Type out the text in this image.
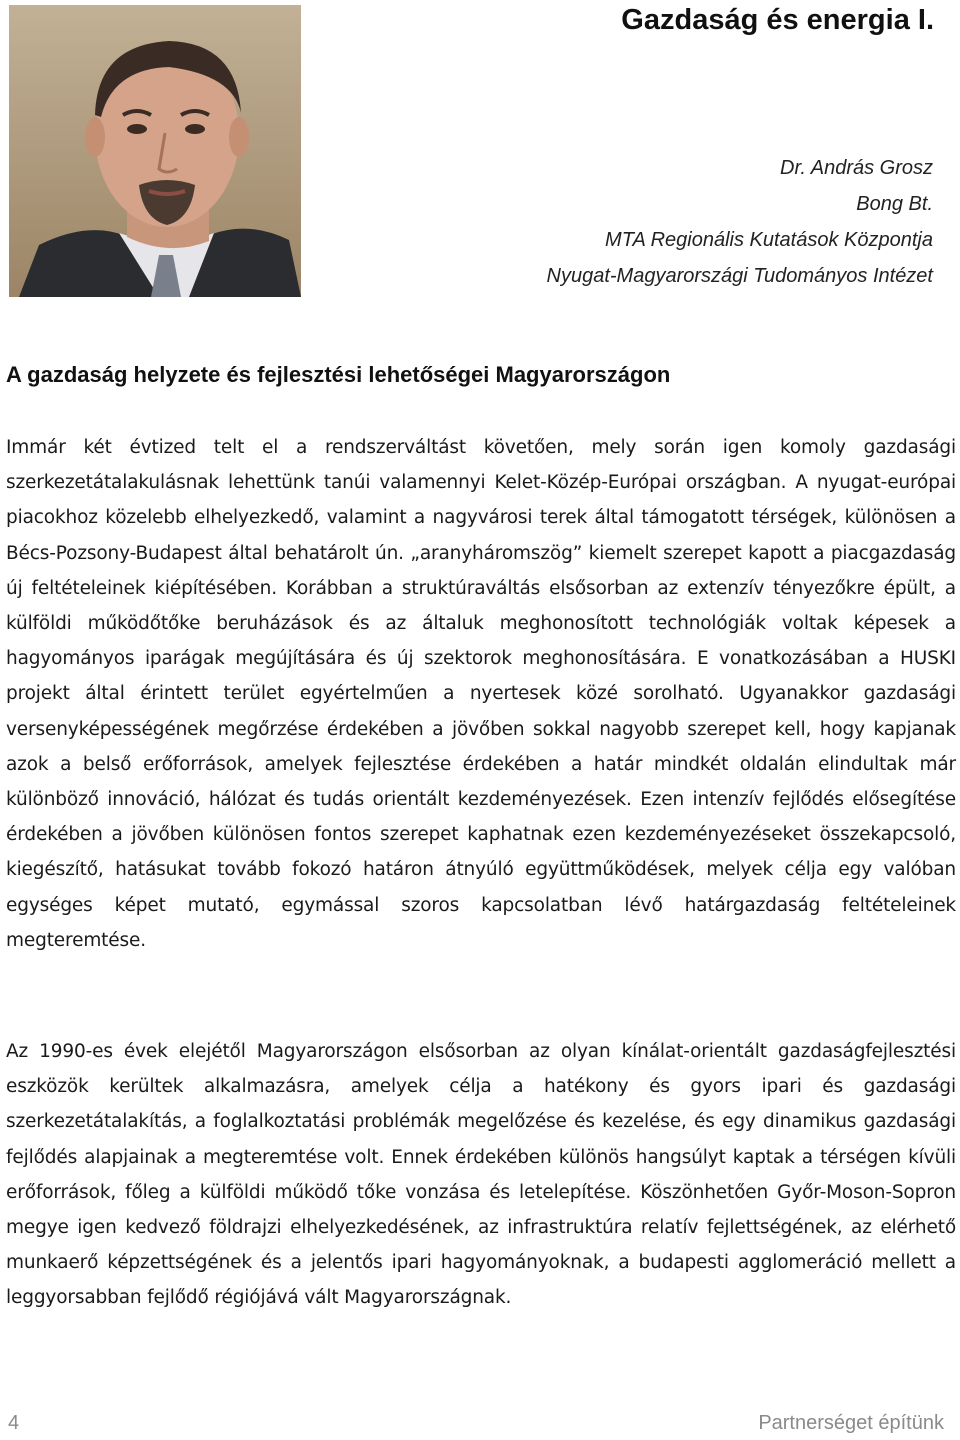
Gazdaság és energia I.
Dr. András Grosz
Bong Bt.
MTA Regionális Kutatások Központja
Nyugat-Magyarországi Tudományos Intézet
A gazdaság helyzete és fejlesztési lehetőségei Magyarországon

Immár két évtized telt el a rendszerváltást követően, mely során igen komoly gazdasági szerkezetátalakulásnak lehettünk tanúi valamennyi Kelet-Közép-Európai országban. A nyugat-európai piacokhoz közelebb elhelyezkedő, valamint a nagyvárosi terek által támogatott térségek, különösen a Bécs-Pozsony-Budapest által behatárolt ún. „aranyháromszög” kiemelt szerepet kapott a piacgazdaság új feltételeinek kiépítésében. Korábban a struktúraváltás elsősorban az extenzív tényezőkre épült, a külföldi működőtőke beruházások és az általuk meghonosított technológiák voltak képesek a hagyományos iparágak megújítására és új szektorok meghonosítására. E vonatkozásában a HUSKI projekt által érintett terület egyértelműen a nyertesek közé sorolható. Ugyanakkor gazdasági versenyképességének megőrzése érdekében a jövőben sokkal nagyobb szerepet kell, hogy kapjanak azok a belső erőforrások, amelyek fejlesztése érdekében a határ mindkét oldalán elindultak már különböző innováció, hálózat és tudás orientált kezdeményezések. Ezen intenzív fejlődés elősegítése érdekében a jövőben különösen fontos szerepet kaphatnak ezen kezdeményezéseket összekapcsoló, kiegészítő, hatásukat tovább fokozó határon átnyúló együttműködések, melyek célja egy valóban egységes képet mutató, egymással szoros kapcsolatban lévő határgazdaság feltételeinek megteremtése.

Az 1990-es évek elejétől Magyarországon elsősorban az olyan kínálat-orientált gazdaságfejlesztési eszközök kerültek alkalmazásra, amelyek célja a hatékony és gyors ipari és gazdasági szerkezetátalakítás, a foglalkoztatási problémák megelőzése és kezelése, és egy dinamikus gazdasági fejlődés alapjainak a megteremtése volt. Ennek érdekében különös hangsúlyt kaptak a térségen kívüli erőforrások, főleg a külföldi működő tőke vonzása és letelepítése. Köszönhetően Győr-Moson-Sopron megye igen kedvező földrajzi elhelyezkedésének, az infrastruktúra relatív fejlettségének, az elérhető munkaerő képzettségének és a jelentős ipari hagyományoknak, a budapesti agglomeráció mellett a leggyorsabban fejlődő régiójává vált Magyarországnak.

4	Partnerséget építünk
